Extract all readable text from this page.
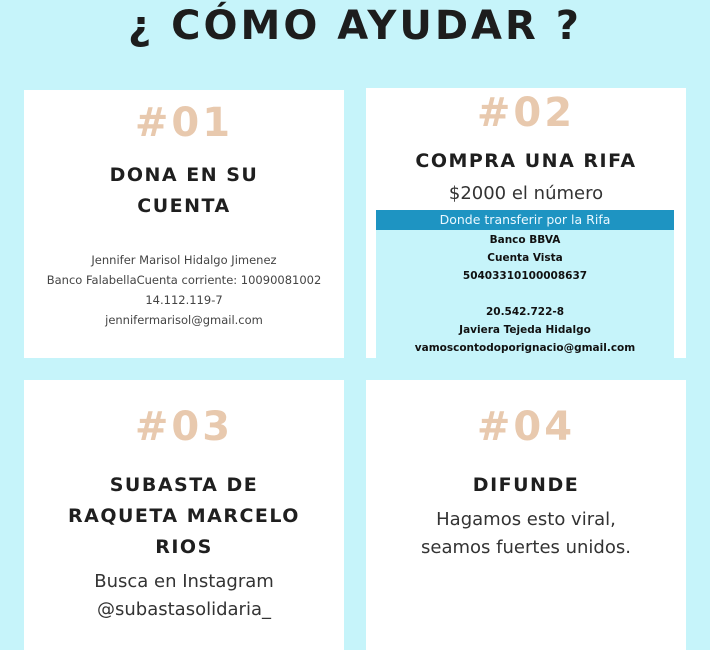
¿ CÓMO AYUDAR ?
#01
DONA EN SU
CUENTA
Jennifer Marisol Hidalgo Jimenez
Banco FalabellaCuenta corriente: 10090081002
14.112.119-7
jennifermarisol@gmail.com
#02
COMPRA UNA RIFA
$2000 el número
Donde transferir por la Rifa
Banco BBVA
Cuenta Vista
50403310100008637
20.542.722-8
Javiera Tejeda Hidalgo
vamoscontodoporignacio@gmail.com
#03
SUBASTA DE
RAQUETA MARCELO
RIOS
Busca en Instagram
@subastasolidaria_
#04
DIFUNDE
Hagamos esto viral,
seamos fuertes unidos.
